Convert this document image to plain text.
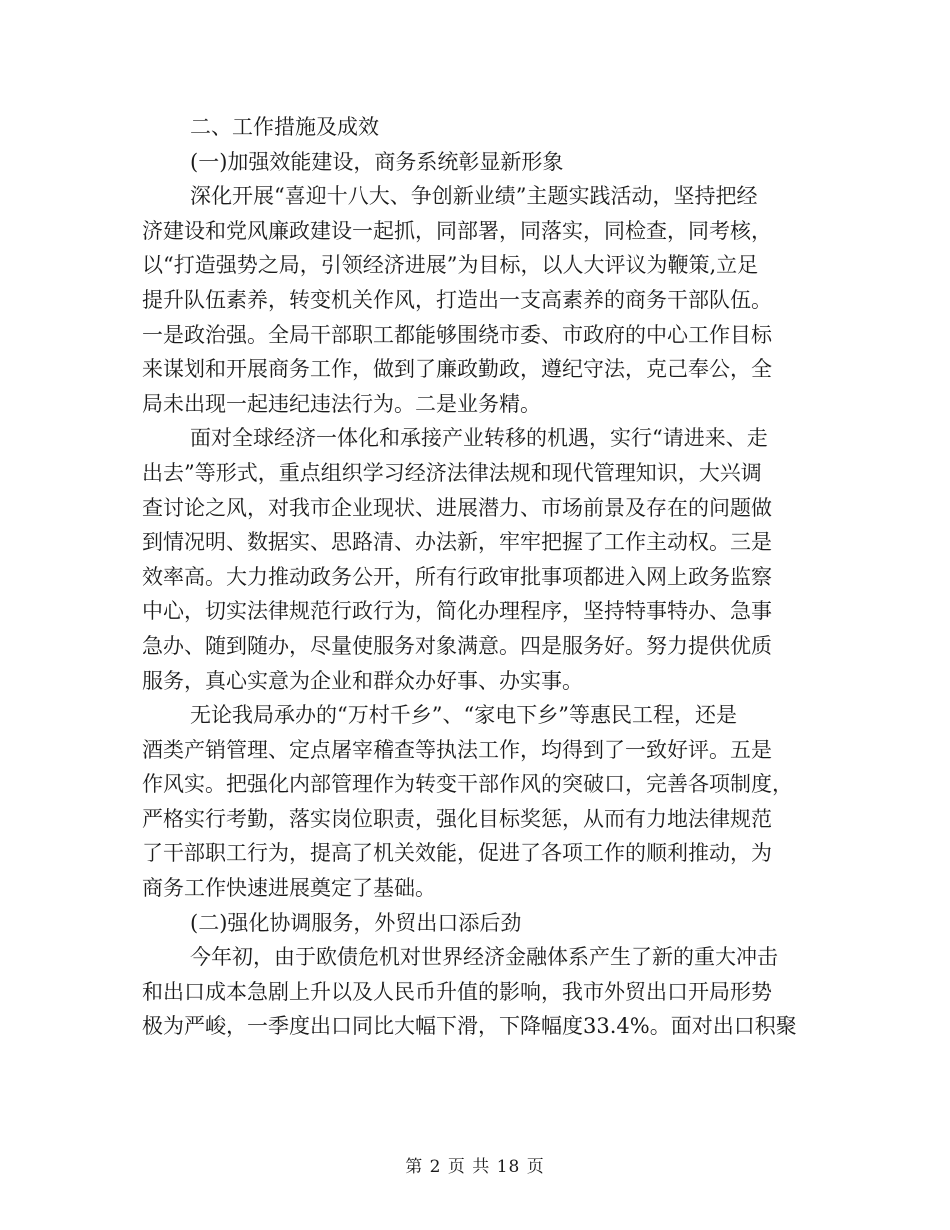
二、工作措施及成效
(一)加强效能建设，商务系统彰显新形象
深化开展“喜迎十八大、争创新业绩”主题实践活动，坚持把经
济建设和党风廉政建设一起抓，同部署，同落实，同检查，同考核，
以“打造强势之局，引领经济进展”为目标，以人大评议为鞭策,立足
提升队伍素养，转变机关作风，打造出一支高素养的商务干部队伍。
一是政治强。全局干部职工都能够围绕市委、市政府的中心工作目标
来谋划和开展商务工作，做到了廉政勤政，遵纪守法，克己奉公，全
局未出现一起违纪违法行为。二是业务精。
面对全球经济一体化和承接产业转移的机遇，实行“请进来、走
出去”等形式，重点组织学习经济法律法规和现代管理知识，大兴调
查讨论之风，对我市企业现状、进展潜力、市场前景及存在的问题做
到情况明、数据实、思路清、办法新，牢牢把握了工作主动权。三是
效率高。大力推动政务公开，所有行政审批事项都进入网上政务监察
中心，切实法律规范行政行为，简化办理程序，坚持特事特办、急事
急办、随到随办，尽量使服务对象满意。四是服务好。努力提供优质
服务，真心实意为企业和群众办好事、办实事。
无论我局承办的“万村千乡”、“家电下乡”等惠民工程，还是
酒类产销管理、定点屠宰稽查等执法工作，均得到了一致好评。五是
作风实。把强化内部管理作为转变干部作风的突破口，完善各项制度，
严格实行考勤，落实岗位职责，强化目标奖惩，从而有力地法律规范
了干部职工行为，提高了机关效能，促进了各项工作的顺利推动，为
商务工作快速进展奠定了基础。
(二)强化协调服务，外贸出口添后劲
今年初，由于欧债危机对世界经济金融体系产生了新的重大冲击
和出口成本急剧上升以及人民币升值的影响，我市外贸出口开局形势
极为严峻，一季度出口同比大幅下滑，下降幅度33.4%。面对出口积聚
第 2 页 共 18 页
